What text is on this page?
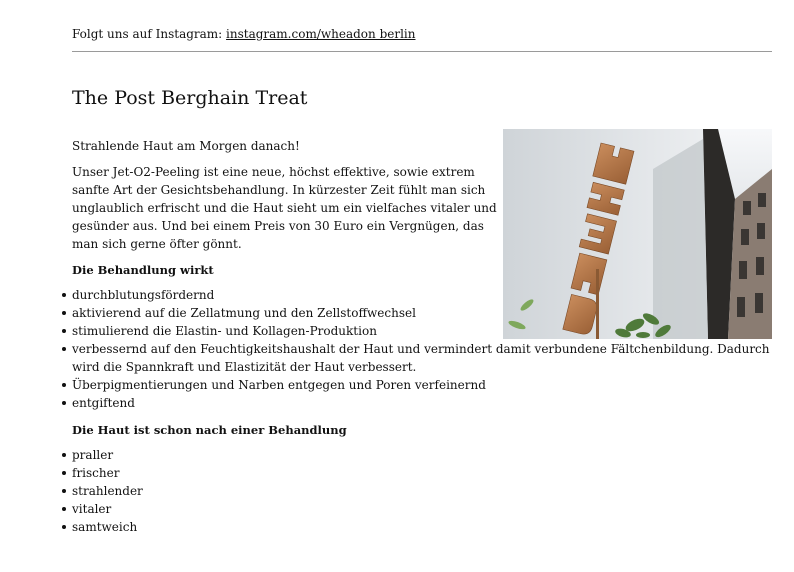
Folgt uns auf Instagram: instagram.com/wheadon berlin
The Post Berghain Treat

Strahlende Haut am Morgen danach!

Unser Jet-O2-Peeling ist eine neue, höchst effektive, sowie extrem sanfte Art der Gesichtsbehandlung. In kürzester Zeit fühlt man sich unglaublich erfrischt und die Haut sieht um ein vielfaches vitaler und gesünder aus. Und bei einem Preis von 30 Euro ein Vergnügen, das man sich gerne öfter gönnt.

Die Behandlung wirkt

durchblutungsfördernd
aktivierend auf die Zellatmung und den Zellstoffwechsel
stimulierend die Elastin- und Kollagen-Produktion
verbessernd auf den Feuchtigkeitshaushalt der Haut und vermindert damit verbundene Fältchenbildung. Dadurch wird die Spannkraft und Elastizität der Haut verbessert.
Überpigmentierungen und Narben entgegen und Poren verfeinernd
entgiftend

Die Haut ist schon nach einer Behandlung

praller
frischer
strahlender
vitaler
samtweich
